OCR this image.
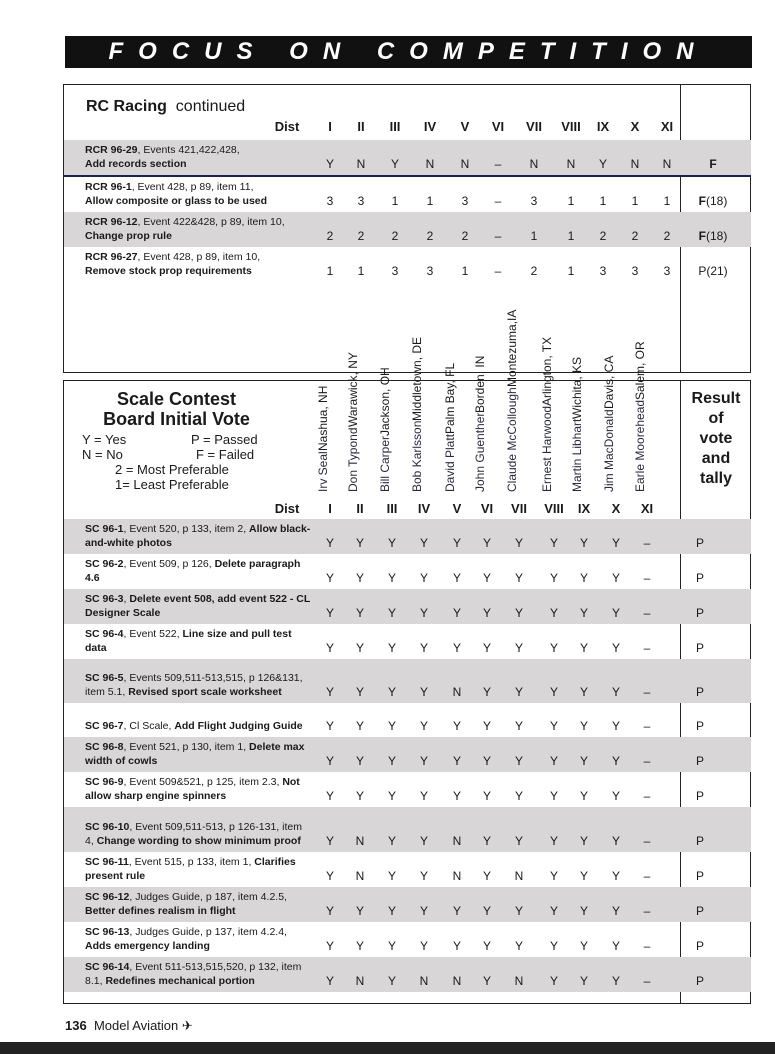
FOCUS ON COMPETITION
RC Racing continued
Dist I II III IV V VI VII VIII IX X XI
RCR 96-29, Events 421,422,428,
Add records section	Y N Y N N – N N Y N N	F
RCR 96-1, Event 428, p 89, item 11,
Allow composite or glass to be used	3 3 1 1 3 – 3	1 1 1 1 F(18)
RCR 96-12, Event 422&428, p 89, item 10,
Change prop rule	2 2 2 2 2 – 1	1 2 2 2 F(18)
RCR 96-27, Event 428, p 89, item 10,
Remove stock prop requirements	1 1 3 3 1 – 2	1 3 3 3 P(21)
Scale Contest
Board Initial Vote
Y = Yes	P = Passed
N = No	F = Failed
2 = Most Preferable
1= Least Preferable
Result
of
vote
and
tally
Dist I
Irv Seal
Nashua, NH
II
Don Typond
Warawick, NY
III
Bill Carper
Jackson, OH
IV
Bob Karlsson
Middletown, DE
V
David Platt
Palm Bay, FL
VI
John Guenther
Borden, IN
VII
Claude McCollough
Montezuma,IA
VIII
Ernest Harwood
Arlington, TX
IX
Martin Libhart
Wichita, KS
X
Jim MacDonald
Davis, CA
XI
Earle Moorehead
Salem, OR
SC 96-1, Event 520, p 133, item 2, Allow black-and-white photos	Y Y Y Y Y Y Y Y Y Y –	P
SC 96-2, Event 509, p 126, Delete paragraph 4.6	Y Y Y Y Y Y Y Y Y Y –	P
SC 96-3, Delete event 508, add event 522 - CL Designer Scale	Y Y Y Y Y Y Y Y Y Y –	P
SC 96-4, Event 522, Line size and pull test data	Y Y Y Y Y Y Y Y Y Y –	P
SC 96-5, Events 509,511-513,515, p 126&131, item 5.1, Revised sport scale worksheet	Y Y Y Y N Y Y Y Y Y –	P
SC 96-7, Cl Scale, Add Flight Judging Guide	Y Y Y Y Y Y Y Y Y Y –	P
SC 96-8, Event 521, p 130, item 1, Delete max width of cowls	Y Y Y Y Y Y Y Y Y Y –	P
SC 96-9, Event 509&521, p 125, item 2.3, Not allow sharp engine spinners	Y Y Y Y Y Y Y Y Y Y –	P
SC 96-10, Event 509,511-513, p 126-131, item 4, Change wording to show minimum proof	Y N Y Y N Y Y Y Y Y –	P
SC 96-11, Event 515, p 133, item 1, Clarifies present rule	Y N Y Y N Y N Y Y Y –	P
SC 96-12, Judges Guide, p 187, item 4.2.5, Better defines realism in flight	Y Y Y Y Y Y Y Y Y Y –	P
SC 96-13, Judges Guide, p 137, item 4.2.4, Adds emergency landing	Y Y Y Y Y Y Y Y Y Y –	P
SC 96-14, Event 511-513,515,520, p 132, item 8.1, Redefines mechanical portion	Y N Y N N Y N Y Y Y –	P
136 Model Aviation ✈
